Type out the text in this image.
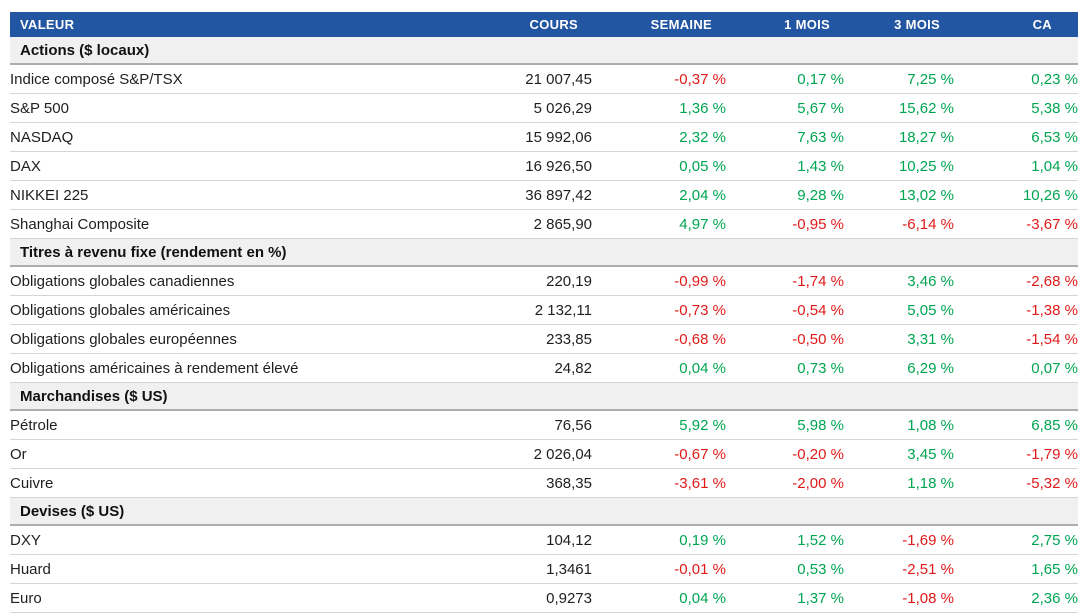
VALEUR	COURS	SEMAINE	1 MOIS	3 MOIS	CA
Actions ($ locaux)					
Indice composé S&P/TSX	21 007,45	-0,37 %	0,17 %	7,25 %	0,23 %
S&P 500	5 026,29	1,36 %	5,67 %	15,62 %	5,38 %
NASDAQ	15 992,06	2,32 %	7,63 %	18,27 %	6,53 %
DAX	16 926,50	0,05 %	1,43 %	10,25 %	1,04 %
NIKKEI 225	36 897,42	2,04 %	9,28 %	13,02 %	10,26 %
Shanghai Composite	2 865,90	4,97 %	-0,95 %	-6,14 %	-3,67 %
Titres à revenu fixe (rendement en %)					
Obligations globales canadiennes	220,19	-0,99 %	-1,74 %	3,46 %	-2,68 %
Obligations globales américaines	2 132,11	-0,73 %	-0,54 %	5,05 %	-1,38 %
Obligations globales européennes	233,85	-0,68 %	-0,50 %	3,31 %	-1,54 %
Obligations américaines à rendement élevé	24,82	0,04 %	0,73 %	6,29 %	0,07 %
Marchandises ($ US)					
Pétrole	76,56	5,92 %	5,98 %	1,08 %	6,85 %
Or	2 026,04	-0,67 %	-0,20 %	3,45 %	-1,79 %
Cuivre	368,35	-3,61 %	-2,00 %	1,18 %	-5,32 %
Devises ($ US)					
DXY	104,12	0,19 %	1,52 %	-1,69 %	2,75 %
Huard	1,3461	-0,01 %	0,53 %	-2,51 %	1,65 %
Euro	0,9273	0,04 %	1,37 %	-1,08 %	2,36 %
